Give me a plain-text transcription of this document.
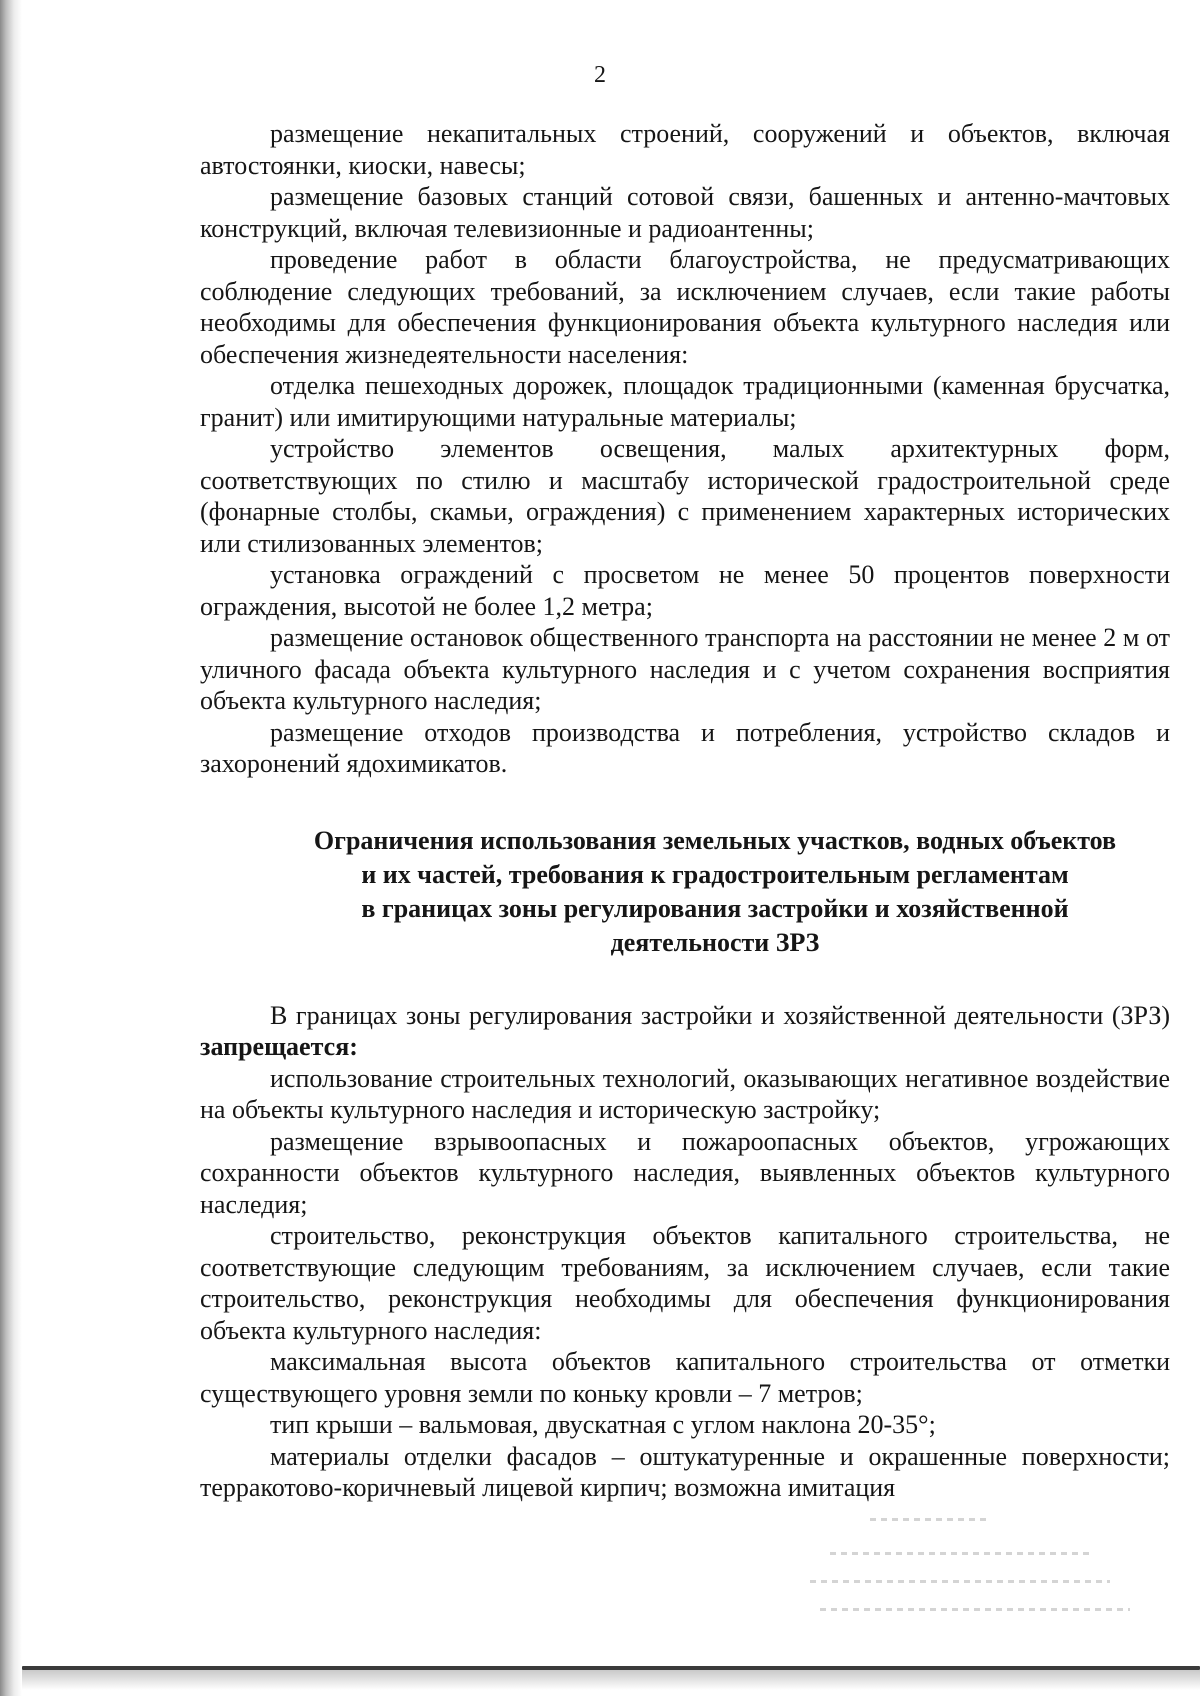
2

размещение некапитальных строений, сооружений и объектов, включая автостоянки, киоски, навесы;

размещение базовых станций сотовой связи, башенных и антенно-мачтовых конструкций, включая телевизионные и радиоантенны;

проведение работ в области благоустройства, не предусматривающих соблюдение следующих требований, за исключением случаев, если такие работы необходимы для обеспечения функционирования объекта культурного наследия или обеспечения жизнедеятельности населения:

отделка пешеходных дорожек, площадок традиционными (каменная брусчатка, гранит) или имитирующими натуральные материалы;

устройство элементов освещения, малых архитектурных форм, соответствующих по стилю и масштабу исторической градостроительной среде (фонарные столбы, скамьи, ограждения) с применением характерных исторических или стилизованных элементов;

установка ограждений с просветом не менее 50 процентов поверхности ограждения, высотой не более 1,2 метра;

размещение остановок общественного транспорта на расстоянии не менее 2 м от уличного фасада объекта культурного наследия и с учетом сохранения восприятия объекта культурного наследия;

размещение отходов производства и потребления, устройство складов и захоронений ядохимикатов.

Ограничения использования земельных участков, водных объектов
и их частей, требования к градостроительным регламентам
в границах зоны регулирования застройки и хозяйственной
деятельности ЗРЗ

В границах зоны регулирования застройки и хозяйственной деятельности (ЗРЗ) запрещается:

использование строительных технологий, оказывающих негативное воздействие на объекты культурного наследия и историческую застройку;

размещение взрывоопасных и пожароопасных объектов, угрожающих сохранности объектов культурного наследия, выявленных объектов культурного наследия;

строительство, реконструкция объектов капитального строительства, не соответствующие следующим требованиям, за исключением случаев, если такие строительство, реконструкция необходимы для обеспечения функционирования объекта культурного наследия:

максимальная высота объектов капитального строительства от отметки существующего уровня земли по коньку кровли – 7 метров;

тип крыши – вальмовая, двускатная с углом наклона 20-35°;

материалы отделки фасадов – оштукатуренные и окрашенные поверхности; терракотово-коричневый лицевой кирпич; возможна имитация
